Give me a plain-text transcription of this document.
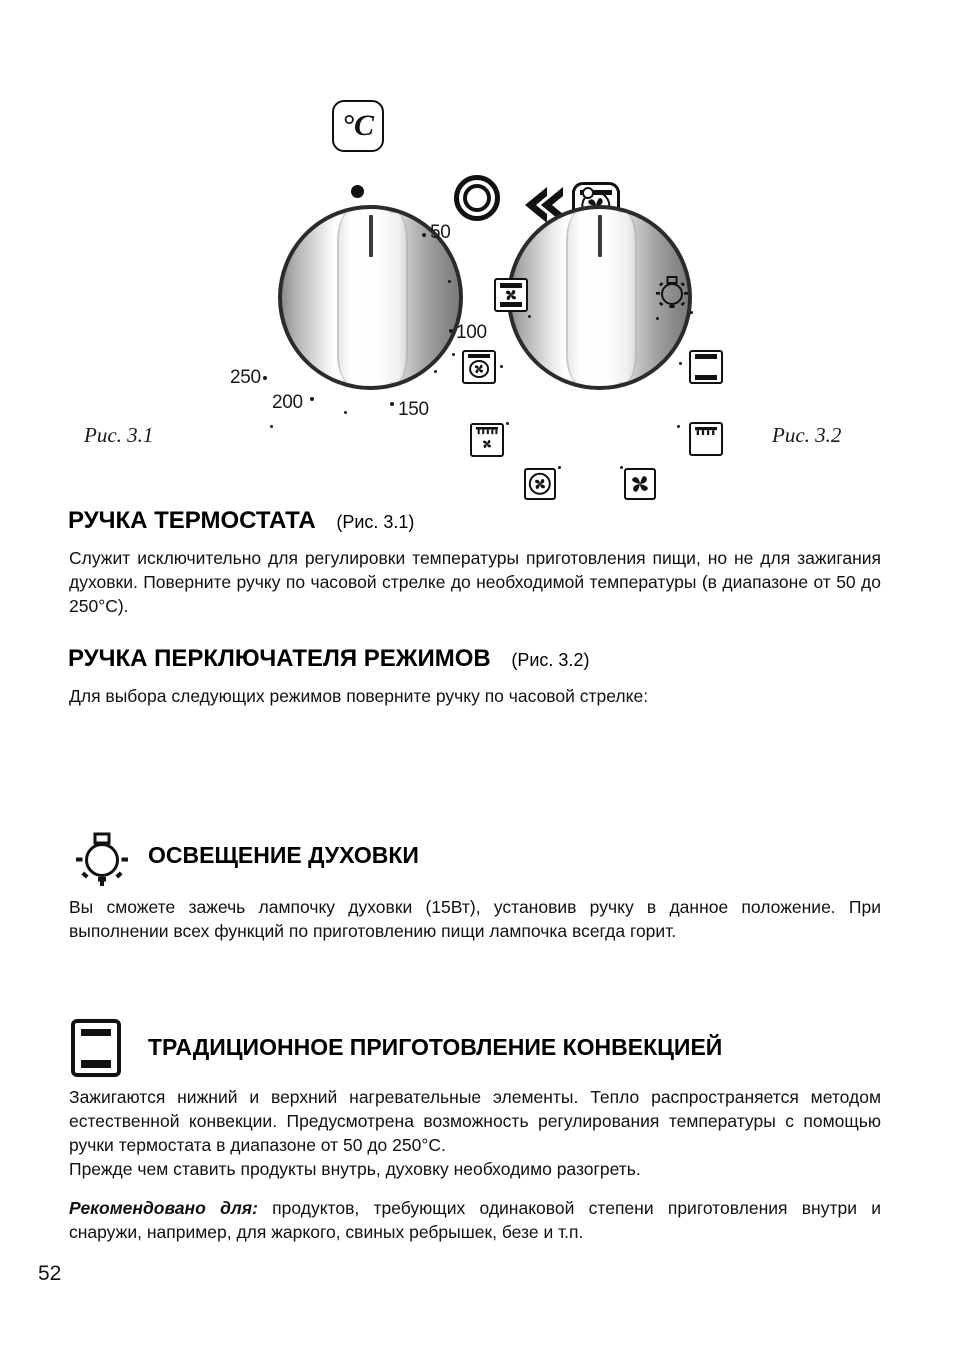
°C
50
100
150
200
250
Рис. 3.1	Рис. 3.2
РУЧКА ТЕРМОСТАТА (Рис. 3.1)
Служит исключительно для регулировки температуры приготовления пищи, но не для зажигания духовки. Поверните ручку по часовой стрелке до необходимой температуры (в диапазоне от 50 до 250°С).
РУЧКА ПЕРКЛЮЧАТЕЛЯ РЕЖИМОВ (Рис. 3.2)
Для выбора следующих режимов поверните ручку по часовой стрелке:
ОСВЕЩЕНИЕ ДУХОВКИ
Вы сможете зажечь лампочку духовки (15Вт), установив ручку в данное положение. При выполнении всех функций по приготовлению пищи лампочка всегда горит.
ТРАДИЦИОННОЕ ПРИГОТОВЛЕНИЕ КОНВЕКЦИЕЙ
Зажигаются нижний и верхний нагревательные элементы. Тепло распространяется методом естественной конвекции. Предусмотрена возможность регулирования температуры с помощью ручки термостата в диапазоне от 50 до 250°С.
Прежде чем ставить продукты внутрь, духовку необходимо разогреть.
Рекомендовано для: продуктов, требующих одинаковой степени приготовления внутри и снаружи, например, для жаркого, свиных ребрышек, безе и т.п.
52
